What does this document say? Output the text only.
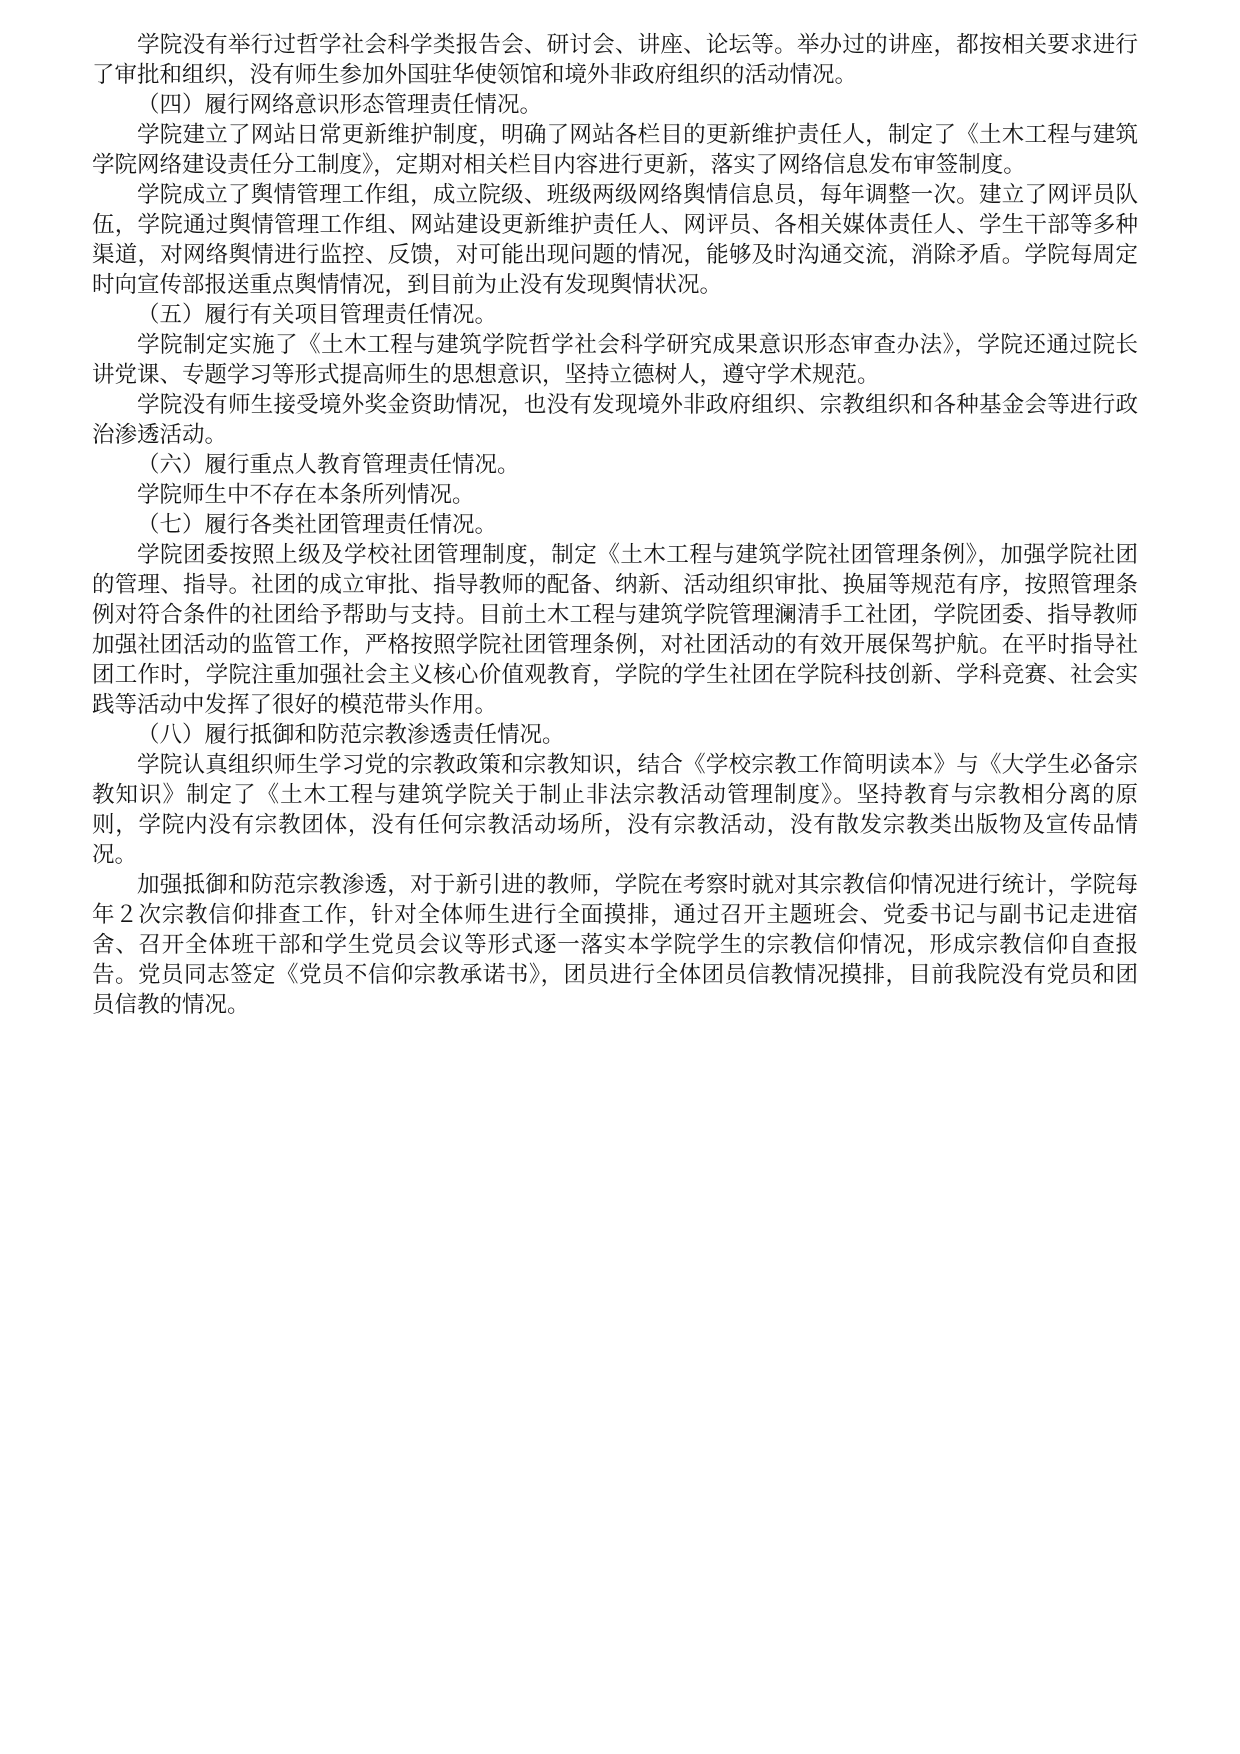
学院没有举行过哲学社会科学类报告会、研讨会、讲座、论坛等。举办过的讲座，都按相关要求进行了审批和组织，没有师生参加外国驻华使领馆和境外非政府组织的活动情况。

（四）履行网络意识形态管理责任情况。

学院建立了网站日常更新维护制度，明确了网站各栏目的更新维护责任人，制定了《土木工程与建筑学院网络建设责任分工制度》，定期对相关栏目内容进行更新，落实了网络信息发布审签制度。

学院成立了舆情管理工作组，成立院级、班级两级网络舆情信息员，每年调整一次。建立了网评员队伍，学院通过舆情管理工作组、网站建设更新维护责任人、网评员、各相关媒体责任人、学生干部等多种渠道，对网络舆情进行监控、反馈，对可能出现问题的情况，能够及时沟通交流，消除矛盾。学院每周定时向宣传部报送重点舆情情况，到目前为止没有发现舆情状况。

（五）履行有关项目管理责任情况。

学院制定实施了《土木工程与建筑学院哲学社会科学研究成果意识形态审查办法》，学院还通过院长讲党课、专题学习等形式提高师生的思想意识，坚持立德树人，遵守学术规范。

学院没有师生接受境外奖金资助情况，也没有发现境外非政府组织、宗教组织和各种基金会等进行政治渗透活动。

（六）履行重点人教育管理责任情况。

学院师生中不存在本条所列情况。

（七）履行各类社团管理责任情况。

学院团委按照上级及学校社团管理制度，制定《土木工程与建筑学院社团管理条例》，加强学院社团的管理、指导。社团的成立审批、指导教师的配备、纳新、活动组织审批、换届等规范有序，按照管理条例对符合条件的社团给予帮助与支持。目前土木工程与建筑学院管理澜清手工社团，学院团委、指导教师加强社团活动的监管工作，严格按照学院社团管理条例，对社团活动的有效开展保驾护航。在平时指导社团工作时，学院注重加强社会主义核心价值观教育，学院的学生社团在学院科技创新、学科竞赛、社会实践等活动中发挥了很好的模范带头作用。

（八）履行抵御和防范宗教渗透责任情况。

学院认真组织师生学习党的宗教政策和宗教知识，结合《学校宗教工作简明读本》与《大学生必备宗教知识》制定了《土木工程与建筑学院关于制止非法宗教活动管理制度》。坚持教育与宗教相分离的原则，学院内没有宗教团体，没有任何宗教活动场所，没有宗教活动，没有散发宗教类出版物及宣传品情况。

加强抵御和防范宗教渗透，对于新引进的教师，学院在考察时就对其宗教信仰情况进行统计，学院每年２次宗教信仰排查工作，针对全体师生进行全面摸排，通过召开主题班会、党委书记与副书记走进宿舍、召开全体班干部和学生党员会议等形式逐一落实本学院学生的宗教信仰情况，形成宗教信仰自查报告。党员同志签定《党员不信仰宗教承诺书》，团员进行全体团员信教情况摸排，目前我院没有党员和团员信教的情况。
